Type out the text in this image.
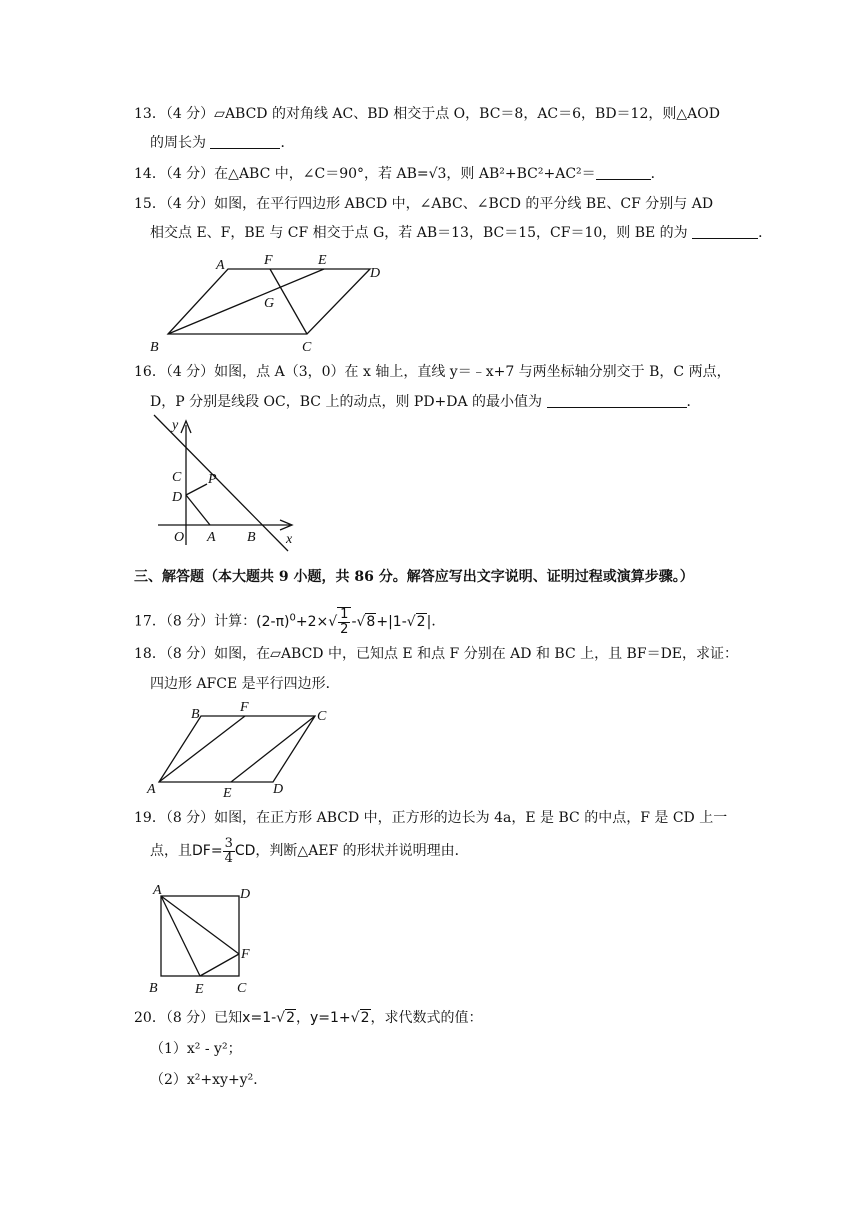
13．（4 分）▱ABCD 的对角线 AC、BD 相交于点 O，BC＝8，AC＝6，BD＝12，则△AOD
的周长为	．
14．（4 分）在△ABC 中，∠C＝90°，若 AB=√3，则 AB²+BC²+AC²＝	．
15．（4 分）如图，在平行四边形 ABCD 中，∠ABC、∠BCD 的平分线 BE、CF 分别与 AD
相交点 E、F，BE 与 CF 相交于点 G，若 AB＝13，BC＝15，CF＝10，则 BE 的为	．
A	F	E
D
G
B	C
16．（4 分）如图，点 A（3，0）在 x 轴上，直线 y＝﹣x+7 与两坐标轴分别交于 B，C 两点，
D，P 分别是线段 OC，BC 上的动点，则 PD+DA 的最小值为	．
y
x
C P
D
O A B
三、解答题（本大题共 9 小题，共 86 分。解答应写出文字说明、证明过程或演算步骤。）
17．（8 分）计算：$(2-\pi)^0+2\times√ \frac{1}{2} -√8+|1-√2|$．
18．（8 分）如图，在▱ABCD 中，已知点 E 和点 F 分别在 AD 和 BC 上，且 BF＝DE，求证：
四边形 AFCE 是平行四边形．
B	F
C
A	E	D
19．（8 分）如图，在正方形 ABCD 中，正方形的边长为 4a，E 是 BC 的中点，F 是 CD 上一
点，且$DF= \frac{3}{4}$ CD，判断△AEF 的形状并说明理由．
A	D
F
B	E C
20．（8 分）已知x=1-√2，y=1+√2，求代数式的值：
（1）x² - y²；
（2）x²+xy+y²．
